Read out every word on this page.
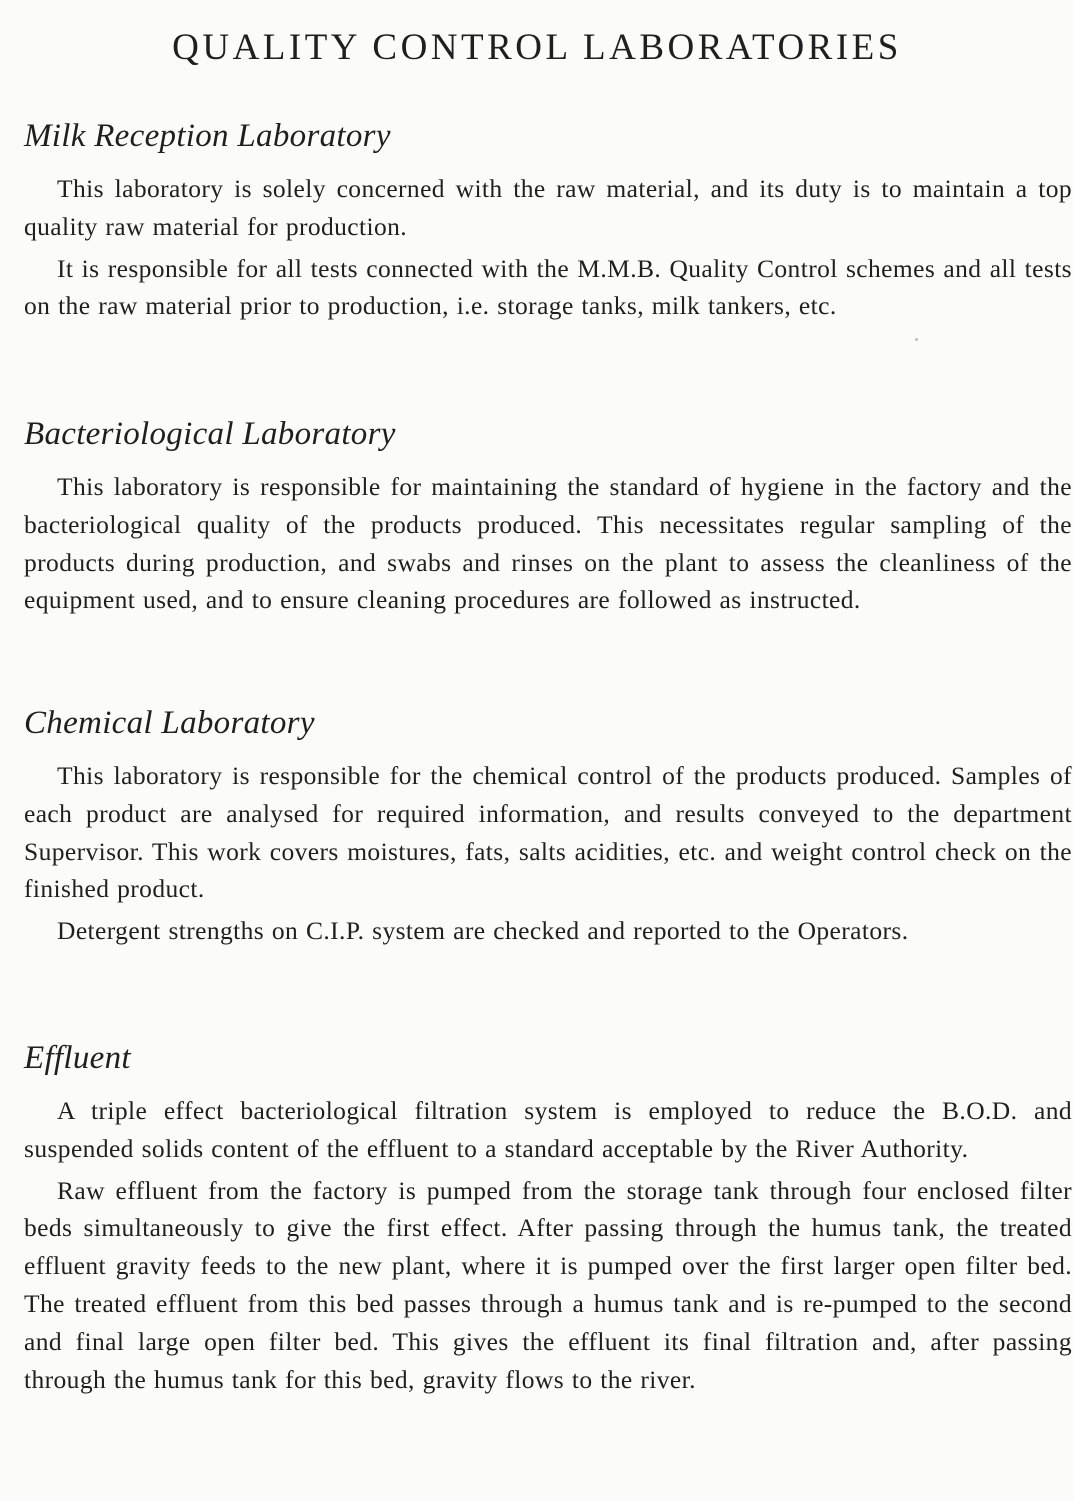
QUALITY CONTROL LABORATORIES
Milk Reception Laboratory

This laboratory is solely concerned with the raw material, and its duty is to maintain a top quality raw material for production.

It is responsible for all tests connected with the M.M.B. Quality Control schemes and all tests on the raw material prior to production, i.e. storage tanks, milk tankers, etc.

Bacteriological Laboratory

This laboratory is responsible for maintaining the standard of hygiene in the factory and the bacteriological quality of the products produced. This necessitates regular sampling of the products during production, and swabs and rinses on the plant to assess the cleanliness of the equipment used, and to ensure cleaning procedures are followed as instructed.

Chemical Laboratory

This laboratory is responsible for the chemical control of the products produced. Samples of each product are analysed for required information, and results conveyed to the department Supervisor. This work covers moistures, fats, salts acidities, etc. and weight control check on the finished product.

Detergent strengths on C.I.P. system are checked and reported to the Operators.

Effluent

A triple effect bacteriological filtration system is employed to reduce the B.O.D. and suspended solids content of the effluent to a standard acceptable by the River Authority.

Raw effluent from the factory is pumped from the storage tank through four enclosed filter beds simultaneously to give the first effect. After passing through the humus tank, the treated effluent gravity feeds to the new plant, where it is pumped over the first larger open filter bed. The treated effluent from this bed passes through a humus tank and is re-pumped to the second and final large open filter bed. This gives the effluent its final filtration and, after passing through the humus tank for this bed, gravity flows to the river.
